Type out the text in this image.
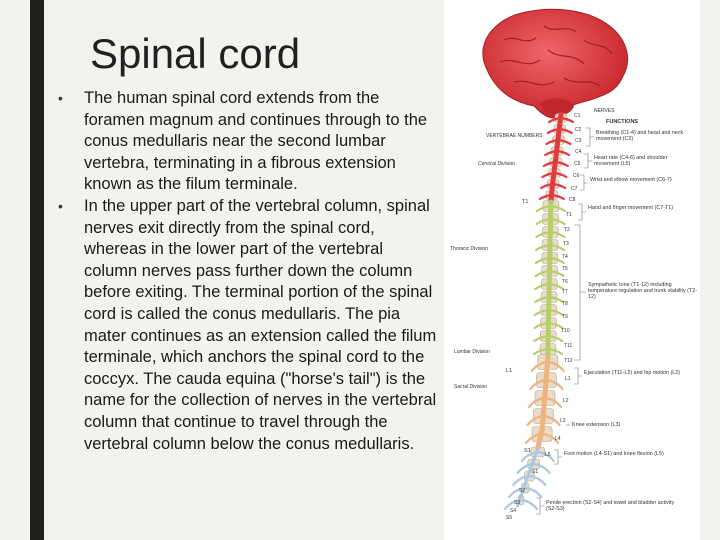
Spinal cord
•	The human spinal cord extends from the foramen magnum and continues through to the conus medullaris near the second lumbar vertebra, terminating in a fibrous extension known as the filum terminale.
•	In the upper part of the vertebral column, spinal nerves exit directly from the spinal cord, whereas in the lower part of the vertebral column nerves pass further down the column before exiting. The terminal portion of the spinal cord is called the conus medullaris. The pia mater continues as an extension called the filum terminale, which anchors the spinal cord to the coccyx. The cauda equina ("horse's tail") is the name for the collection of nerves in the vertebral column that continue to travel through the vertebral column below the conus medullaris.
NERVES
FUNCTIONS
VERTEBRAE NUMBERS
Cervical Division
Thoracic Division
Lumbar Division
Sacral Division
T1
L1
S1
C1
C2
C3
C4
C5
C6
C7
C8
T1
T2
T3
T4
T5
T6
T7
T8
T9
T10
T11
T12
L1
L2
L3
L4
L5
S1
S2
S3
S4
S5
Breathing (C1-4) and head and neck movement (C2)
Heart rate (C4-6) and shoulder movement (L5)
Wrist and elbow movement (C6-7)
Hand and finger movement (C7-T1)
Sympathetic tone (T1-12) including temperature regulation and trunk stability (T2-12)
Ejaculation (T11-L2) and hip motion (L2)
Knee extension (L3)
Foot motion (L4-S1) and knee flexion (L5)
Penile erection (S2-S4) and towel and bladder activity (S2-S3)
